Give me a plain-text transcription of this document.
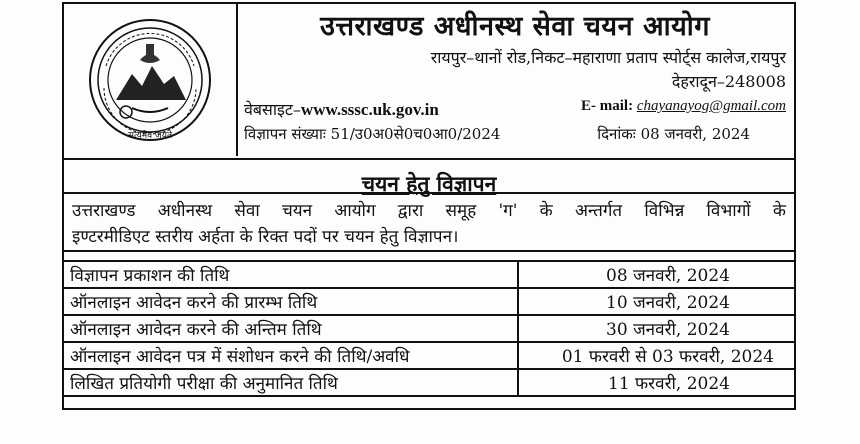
सत्यमेव जयते
उत्तराखण्ड अधीनस्थ सेवा चयन आयोग
रायपुर–थानों रोड,निकट–महाराणा प्रताप स्पोर्ट्स कालेज,रायपुर
देहरादून–248008
वेबसाइट–www.sssc.uk.gov.in	E- mail: chayanayog@gmail.com
विज्ञापन संख्याः 51/उ0अ0से0च0आ0/2024	दिनांकः 08 जनवरी, 2024
चयन हेतु विज्ञापन
उत्तराखण्ड अधीनस्थ सेवा चयन आयोग द्वारा समूह 'ग' के अन्तर्गत विभिन्न विभागों के
इण्टरमीडिएट स्तरीय अर्हता के रिक्त पदों पर चयन हेतु विज्ञापन।
विज्ञापन प्रकाशन की तिथि	08 जनवरी, 2024
ऑनलाइन आवेदन करने की प्रारम्भ तिथि	10 जनवरी, 2024
ऑनलाइन आवेदन करने की अन्तिम तिथि	30 जनवरी, 2024
ऑनलाइन आवेदन पत्र में संशोधन करने की तिथि/अवधि	01 फरवरी से 03 फरवरी, 2024
लिखित प्रतियोगी परीक्षा की अनुमानित तिथि	11 फरवरी, 2024
